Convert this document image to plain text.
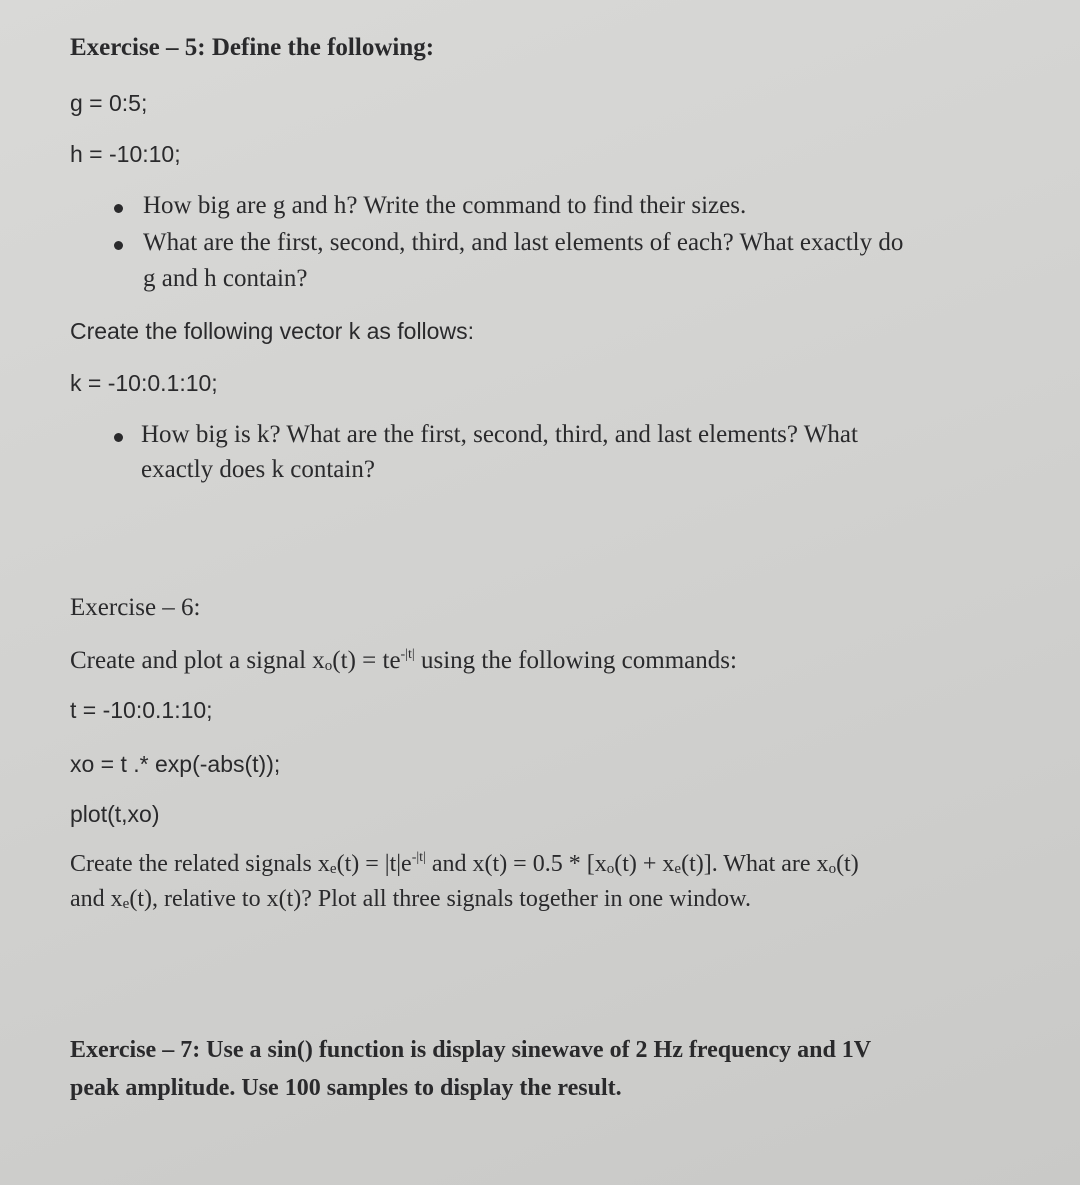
Exercise – 5: Define the following:
g = 0:5;
h = -10:10;
How big are g and h? Write the command to find their sizes.
What are the first, second, third, and last elements of each? What exactly do
g and h contain?
Create the following vector k as follows:
k = -10:0.1:10;
How big is k? What are the first, second, third, and last elements? What
exactly does k contain?
Exercise – 6:
Create and plot a signal $x_o(t) = te^{-|t|}$ using the following commands:
t = -10:0.1:10;
xo = t .* exp(-abs(t));
plot(t,xo)
Create the related signals $x_e(t) = |t|e^{-|t|}$ and $x(t) = 0.5 * [x_o(t) + x_e(t)]$. What are $x_o(t)$
and $x_e(t)$, relative to x(t)? Plot all three signals together in one window.
Exercise – 7: Use a sin() function is display sinewave of 2 Hz frequency and 1V
peak amplitude. Use 100 samples to display the result.
